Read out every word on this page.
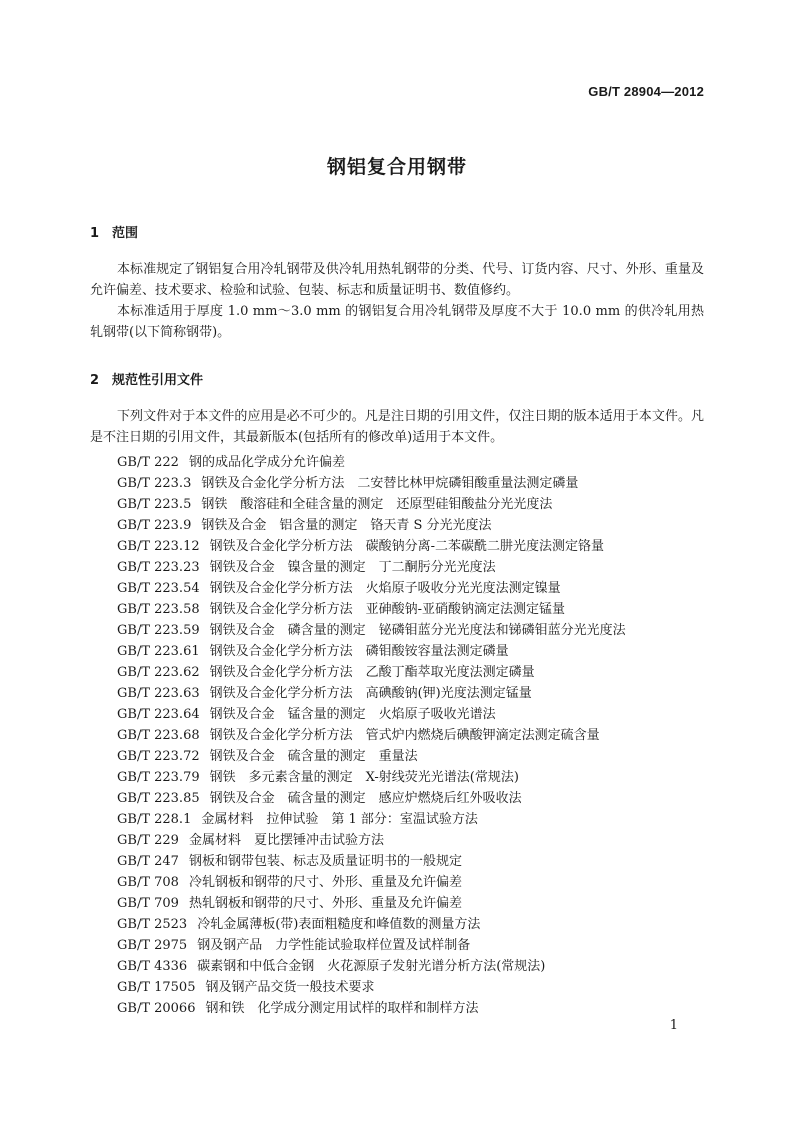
GB/T 28904—2012
钢铝复合用钢带
1 范围

本标准规定了钢铝复合用冷轧钢带及供冷轧用热轧钢带的分类、代号、订货内容、尺寸、外形、重量及允许偏差、技术要求、检验和试验、包装、标志和质量证明书、数值修约。

本标准适用于厚度 1.0 mm～3.0 mm 的钢铝复合用冷轧钢带及厚度不大于 10.0 mm 的供冷轧用热轧钢带(以下简称钢带)。

2 规范性引用文件

下列文件对于本文件的应用是必不可少的。凡是注日期的引用文件，仅注日期的版本适用于本文件。凡是不注日期的引用文件，其最新版本(包括所有的修改单)适用于本文件。

GB/T 222 钢的成品化学成分允许偏差
GB/T 223.3 钢铁及合金化学分析方法　二安替比林甲烷磷钼酸重量法测定磷量
GB/T 223.5 钢铁　酸溶硅和全硅含量的测定　还原型硅钼酸盐分光光度法
GB/T 223.9 钢铁及合金　铝含量的测定　铬天青 S 分光光度法
GB/T 223.12 钢铁及合金化学分析方法　碳酸钠分离-二苯碳酰二肼光度法测定铬量
GB/T 223.23 钢铁及合金　镍含量的测定　丁二酮肟分光光度法
GB/T 223.54 钢铁及合金化学分析方法　火焰原子吸收分光光度法测定镍量
GB/T 223.58 钢铁及合金化学分析方法　亚砷酸钠-亚硝酸钠滴定法测定锰量
GB/T 223.59 钢铁及合金　磷含量的测定　铋磷钼蓝分光光度法和锑磷钼蓝分光光度法
GB/T 223.61 钢铁及合金化学分析方法　磷钼酸铵容量法测定磷量
GB/T 223.62 钢铁及合金化学分析方法　乙酸丁酯萃取光度法测定磷量
GB/T 223.63 钢铁及合金化学分析方法　高碘酸钠(钾)光度法测定锰量
GB/T 223.64 钢铁及合金　锰含量的测定　火焰原子吸收光谱法
GB/T 223.68 钢铁及合金化学分析方法　管式炉内燃烧后碘酸钾滴定法测定硫含量
GB/T 223.72 钢铁及合金　硫含量的测定　重量法
GB/T 223.79 钢铁　多元素含量的测定　X-射线荧光光谱法(常规法)
GB/T 223.85 钢铁及合金　硫含量的测定　感应炉燃烧后红外吸收法
GB/T 228.1 金属材料　拉伸试验　第 1 部分：室温试验方法
GB/T 229 金属材料　夏比摆锤冲击试验方法
GB/T 247 钢板和钢带包装、标志及质量证明书的一般规定
GB/T 708 冷轧钢板和钢带的尺寸、外形、重量及允许偏差
GB/T 709 热轧钢板和钢带的尺寸、外形、重量及允许偏差
GB/T 2523 冷轧金属薄板(带)表面粗糙度和峰值数的测量方法
GB/T 2975 钢及钢产品　力学性能试验取样位置及试样制备
GB/T 4336 碳素钢和中低合金钢　火花源原子发射光谱分析方法(常规法)
GB/T 17505 钢及钢产品交货一般技术要求
GB/T 20066 钢和铁　化学成分测定用试样的取样和制样方法
1
